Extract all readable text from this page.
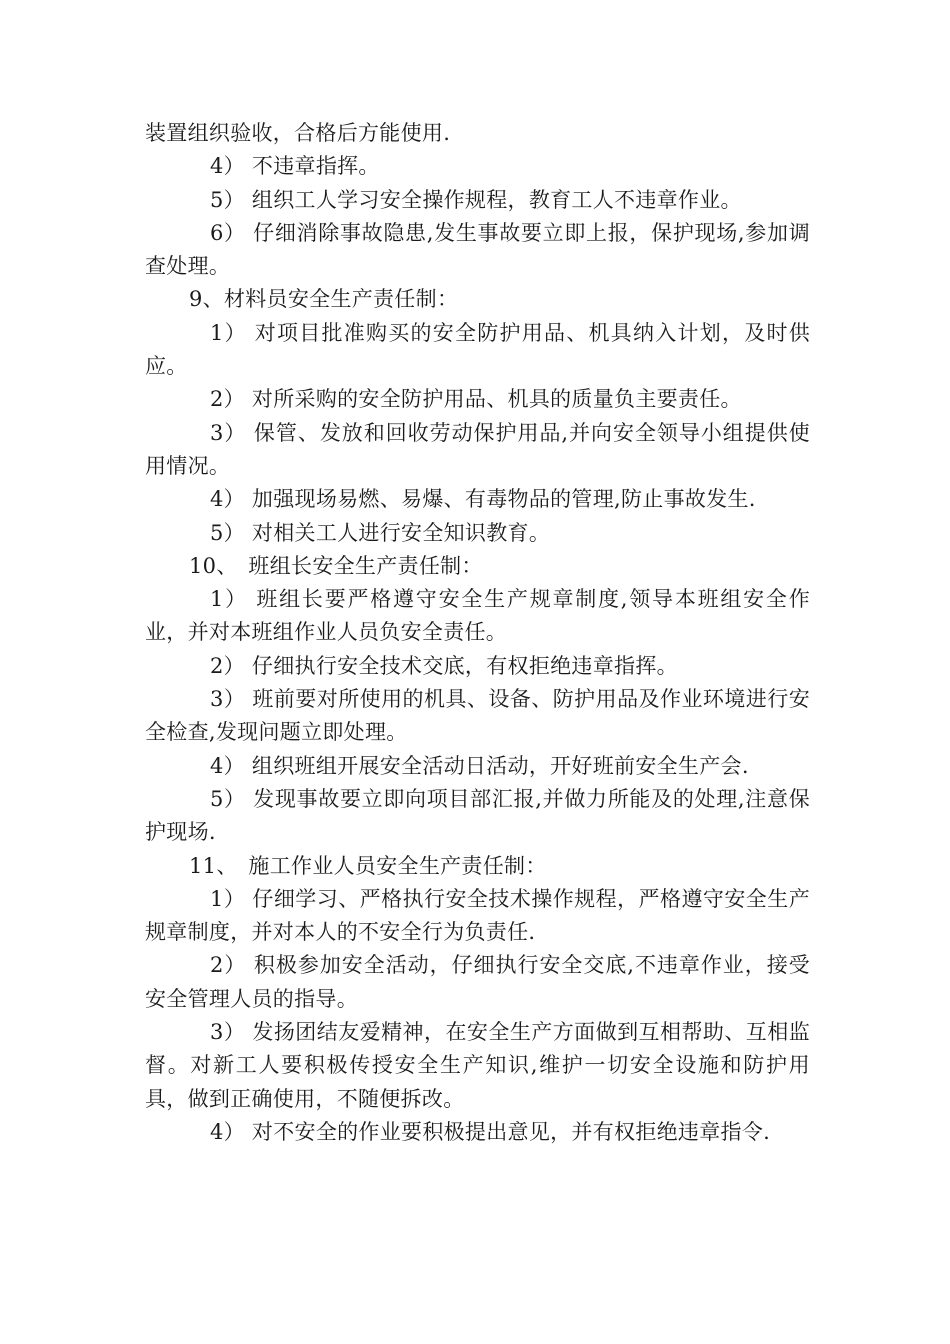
装置组织验收，合格后方能使用.

4） 不违章指挥。

5） 组织工人学习安全操作规程，教育工人不违章作业。

6） 仔细消除事故隐患,发生事故要立即上报，保护现场,参加调查处理。

9、材料员安全生产责任制：

1） 对项目批准购买的安全防护用品、机具纳入计划，及时供应。

2） 对所采购的安全防护用品、机具的质量负主要责任。

3） 保管、发放和回收劳动保护用品,并向安全领导小组提供使用情况。

4） 加强现场易燃、易爆、有毒物品的管理,防止事故发生.

5） 对相关工人进行安全知识教育。

10、　班组长安全生产责任制：

1） 班组长要严格遵守安全生产规章制度,领导本班组安全作业，并对本班组作业人员负安全责任。

2） 仔细执行安全技术交底，有权拒绝违章指挥。

3） 班前要对所使用的机具、设备、防护用品及作业环境进行安全检查,发现问题立即处理。

4） 组织班组开展安全活动日活动，开好班前安全生产会.

5） 发现事故要立即向项目部汇报,并做力所能及的处理,注意保护现场.

11、　施工作业人员安全生产责任制：

1） 仔细学习、严格执行安全技术操作规程，严格遵守安全生产规章制度，并对本人的不安全行为负责任.

2） 积极参加安全活动，仔细执行安全交底,不违章作业，接受安全管理人员的指导。

3） 发扬团结友爱精神，在安全生产方面做到互相帮助、互相监督。对新工人要积极传授安全生产知识,维护一切安全设施和防护用具，做到正确使用，不随便拆改。

4） 对不安全的作业要积极提出意见，并有权拒绝违章指令.
